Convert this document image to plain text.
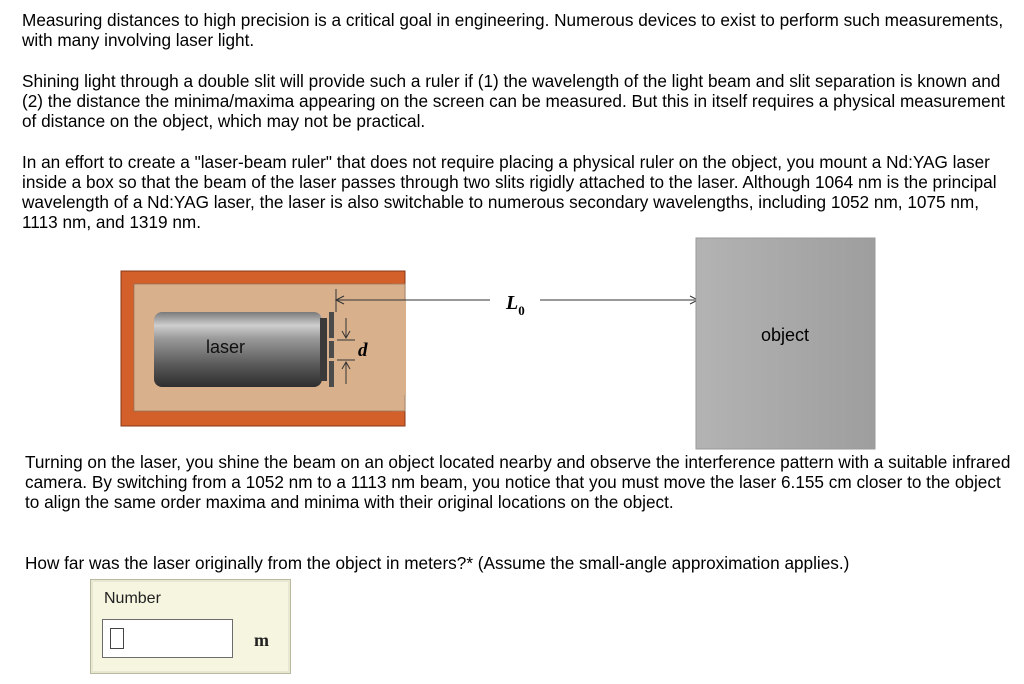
Measuring distances to high precision is a critical goal in engineering. Numerous devices to exist to perform such measurements, with many involving laser light.

Shining light through a double slit will provide such a ruler if (1) the wavelength of the light beam and slit separation is known and (2) the distance the minima/maxima appearing on the screen can be measured. But this in itself requires a physical measurement of distance on the object, which may not be practical.

In an effort to create a "laser-beam ruler" that does not require placing a physical ruler on the object, you mount a Nd:YAG laser inside a box so that the beam of the laser passes through two slits rigidly attached to the laser. Although 1064 nm is the principal wavelength of a Nd:YAG laser, the laser is also switchable to numerous secondary wavelengths, including 1052 nm, 1075 nm, 1113 nm, and 1319 nm.

d
$L_0$
object
laser

Turning on the laser, you shine the beam on an object located nearby and observe the interference pattern with a suitable infrared camera. By switching from a 1052 nm to a 1113 nm beam, you notice that you must move the laser 6.155 cm closer to the object to align the same order maxima and minima with their original locations on the object.

How far was the laser originally from the object in meters?* (Assume the small-angle approximation applies.)

Number
m
